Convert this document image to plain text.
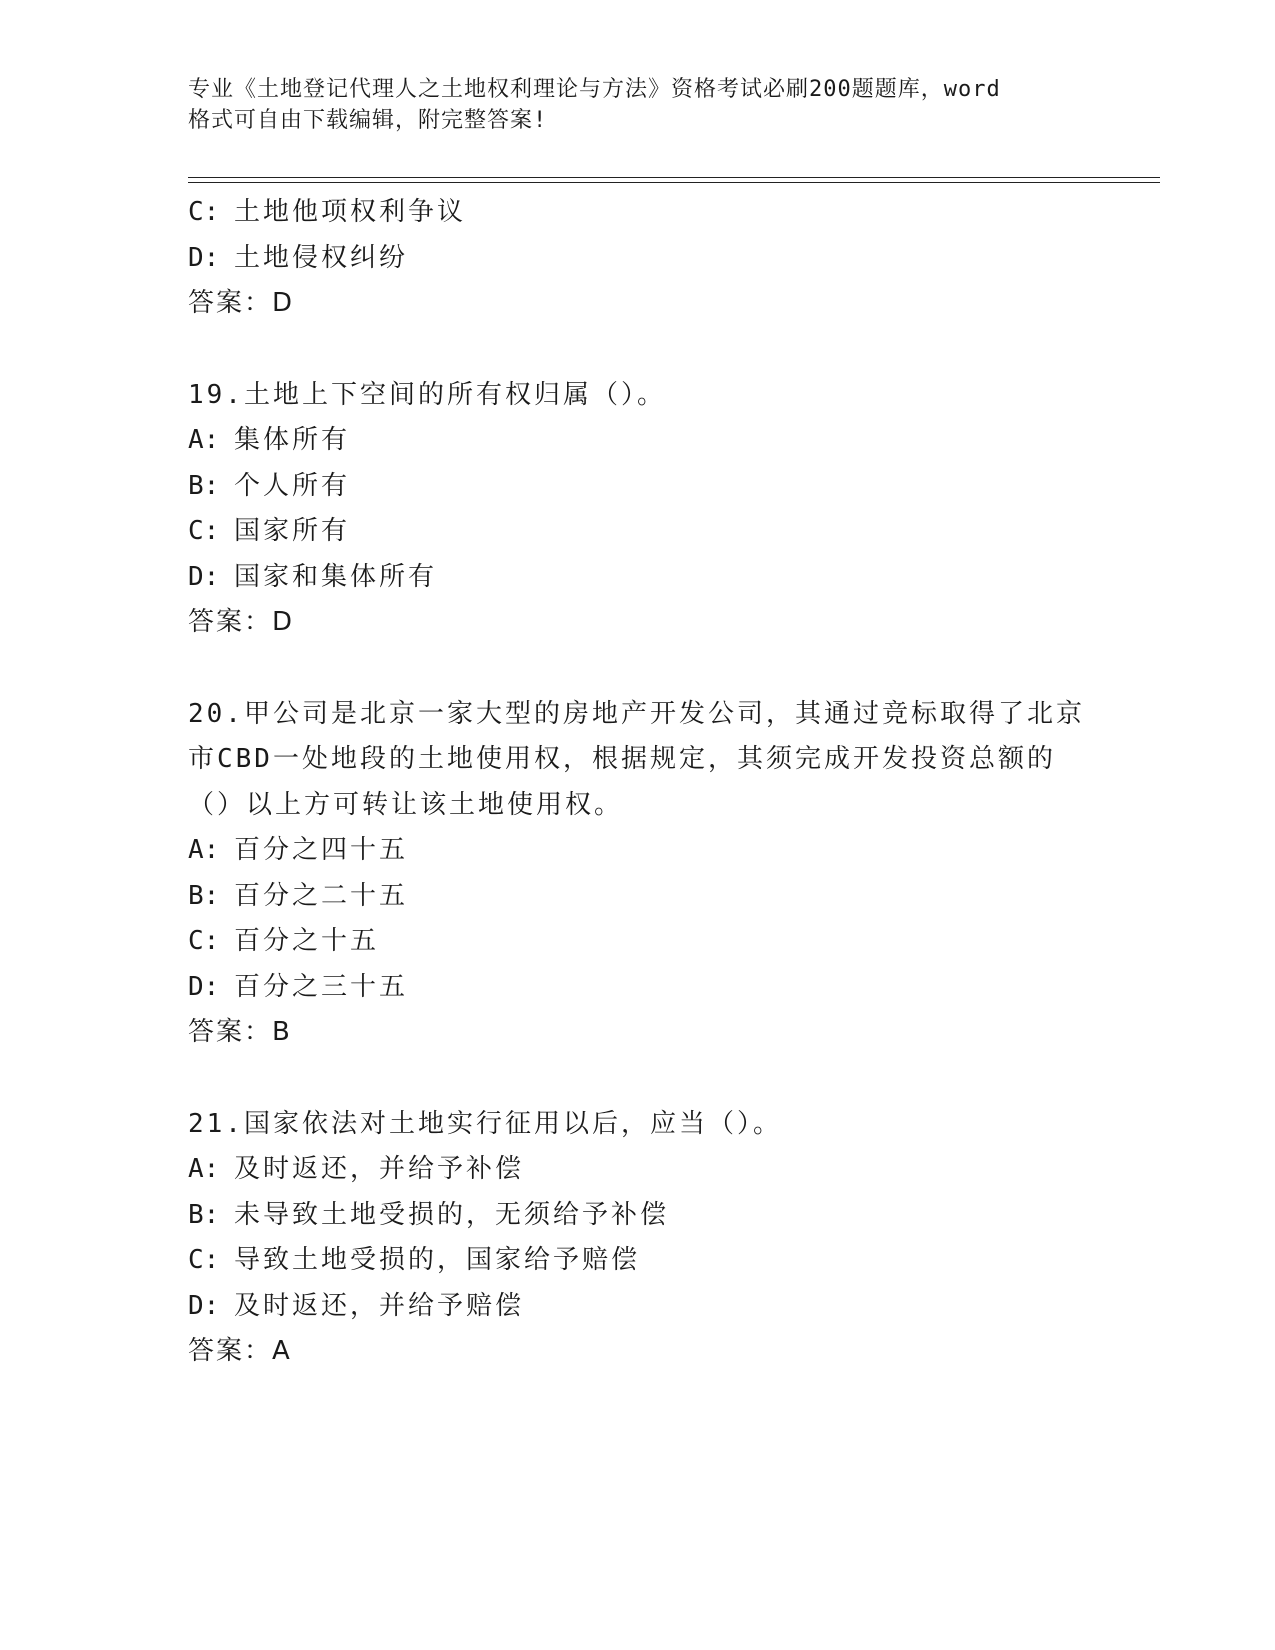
专业《土地登记代理人之土地权利理论与方法》资格考试必刷200题题库，word
格式可自由下载编辑，附完整答案!
C: 土地他项权利争议
D: 土地侵权纠纷
答案：D
19.土地上下空间的所有权归属（）。
A: 集体所有
B: 个人所有
C: 国家所有
D: 国家和集体所有
答案：D
20.甲公司是北京一家大型的房地产开发公司，其通过竞标取得了北京
市CBD一处地段的土地使用权，根据规定，其须完成开发投资总额的
（）以上方可转让该土地使用权。
A: 百分之四十五
B: 百分之二十五
C: 百分之十五
D: 百分之三十五
答案：B
21.国家依法对土地实行征用以后，应当（）。
A: 及时返还，并给予补偿
B: 未导致土地受损的，无须给予补偿
C: 导致土地受损的，国家给予赔偿
D: 及时返还，并给予赔偿
答案：A
